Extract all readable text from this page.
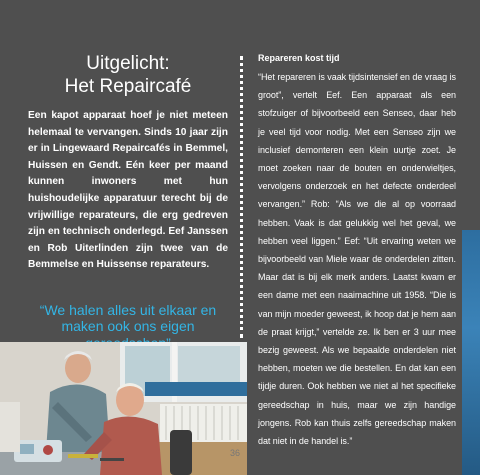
Uitgelicht:
Het Repaircafé

Een kapot apparaat hoef je niet meteen helemaal te vervangen. Sinds 10 jaar zijn er in Lingewaard Repaircafés in Bemmel, Huissen en Gendt. Eén keer per maand kunnen inwoners met hun huishoudelijke apparatuur terecht bij de vrijwillige reparateurs, die erg gedreven zijn en technisch onderlegd. Eef Janssen en Rob Uiterlinden zijn twee van de Bemmelse en Huissense reparateurs.

“We halen alles uit elkaar en maken ook ons eigen

Repareren kost tijd

“Het repareren is vaak tijdsintensief en de vraag is groot”, vertelt Eef. Een apparaat als een stofzuiger of bijvoorbeeld een Senseo, daar heb je veel tijd voor nodig. Met een Senseo zijn we inclusief demonteren een klein uurtje zoet. Je moet zoeken naar de bouten en onderwieltjes, vervolgens onderzoek en het defecte onderdeel vervangen.” Rob: “Als we die al op voorraad hebben. Vaak is dat gelukkig wel het geval, we hebben veel liggen.” Eef: “Uit ervaring weten we bijvoorbeeld van Miele waar de onderdelen zitten. Maar dat is bij elk merk anders. Laatst kwam er een dame met een naaimachine uit 1958. “Die is van mijn moeder geweest, ik hoop dat je hem aan de praat krijgt,” vertelde ze. Ik ben er 3 uur mee bezig geweest. Als we bepaalde onderdelen niet hebben, moeten we die bestellen. En dat kan een tijdje duren. Ook hebben we niet al het specifieke gereedschap in huis, maar we zijn handige jongens. Rob kan thuis zelfs gereedschap maken dat niet in de handel is.”

36
